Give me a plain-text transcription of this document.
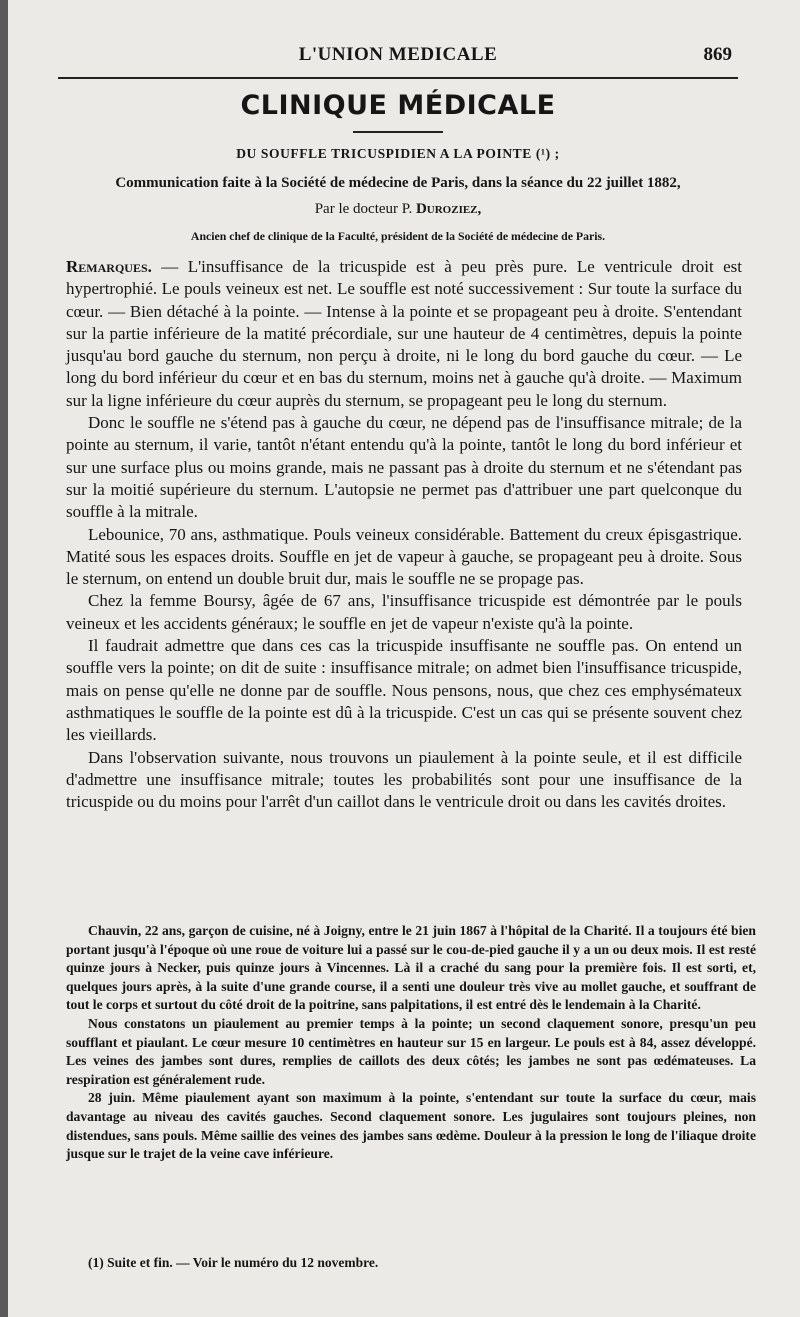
L'UNION MEDICALE	869
CLINIQUE MÉDICALE
DU SOUFFLE TRICUSPIDIEN A LA POINTE (¹) ;
Communication faite à la Société de médecine de Paris, dans la séance du 22 juillet 1882,
Par le docteur P. Duroziez,
Ancien chef de clinique de la Faculté, président de la Société de médecine de Paris.

Remarques. — L'insuffisance de la tricuspide est à peu près pure. Le ventricule droit est hypertrophié. Le pouls veineux est net. Le souffle est noté successivement : Sur toute la surface du cœur. — Bien détaché à la pointe. — Intense à la pointe et se propageant peu à droite. S'entendant sur la partie inférieure de la matité précordiale, sur une hauteur de 4 centimètres, depuis la pointe jusqu'au bord gauche du sternum, non perçu à droite, ni le long du bord gauche du cœur. — Le long du bord inférieur du cœur et en bas du sternum, moins net à gauche qu'à droite. — Maximum sur la ligne inférieure du cœur auprès du sternum, se propageant peu le long du sternum.

Donc le souffle ne s'étend pas à gauche du cœur, ne dépend pas de l'insuffisance mitrale; de la pointe au sternum, il varie, tantôt n'étant entendu qu'à la pointe, tantôt le long du bord inférieur et sur une surface plus ou moins grande, mais ne passant pas à droite du sternum et ne s'étendant pas sur la moitié supérieure du sternum. L'autopsie ne permet pas d'attribuer une part quelconque du souffle à la mitrale.

Lebounice, 70 ans, asthmatique. Pouls veineux considérable. Battement du creux épisgastrique. Matité sous les espaces droits. Souffle en jet de vapeur à gauche, se propageant peu à droite. Sous le sternum, on entend un double bruit dur, mais le souffle ne se propage pas.

Chez la femme Boursy, âgée de 67 ans, l'insuffisance tricuspide est démontrée par le pouls veineux et les accidents généraux; le souffle en jet de vapeur n'existe qu'à la pointe.

Il faudrait admettre que dans ces cas la tricuspide insuffisante ne souffle pas. On entend un souffle vers la pointe; on dit de suite : insuffisance mitrale; on admet bien l'insuffisance tricuspide, mais on pense qu'elle ne donne par de souffle. Nous pensons, nous, que chez ces emphysémateux asthmatiques le souffle de la pointe est dû à la tricuspide. C'est un cas qui se présente souvent chez les vieillards.

Dans l'observation suivante, nous trouvons un piaulement à la pointe seule, et il est difficile d'admettre une insuffisance mitrale; toutes les probabilités sont pour une insuffisance de la tricuspide ou du moins pour l'arrêt d'un caillot dans le ventricule droit ou dans les cavités droites.

Chauvin, 22 ans, garçon de cuisine, né à Joigny, entre le 21 juin 1867 à l'hôpital de la Charité. Il a toujours été bien portant jusqu'à l'époque où une roue de voiture lui a passé sur le cou-de-pied gauche il y a un ou deux mois. Il est resté quinze jours à Necker, puis quinze jours à Vincennes. Là il a craché du sang pour la première fois. Il est sorti, et, quelques jours après, à la suite d'une grande course, il a senti une douleur très vive au mollet gauche, et souffrant de tout le corps et surtout du côté droit de la poitrine, sans palpitations, il est entré dès le lendemain à la Charité.

Nous constatons un piaulement au premier temps à la pointe; un second claquement sonore, presqu'un peu soufflant et piaulant. Le cœur mesure 10 centimètres en hauteur sur 15 en largeur. Le pouls est à 84, assez développé. Les veines des jambes sont dures, remplies de caillots des deux côtés; les jambes ne sont pas œdémateuses. La respiration est généralement rude.

28 juin. Même piaulement ayant son maximum à la pointe, s'entendant sur toute la surface du cœur, mais davantage au niveau des cavités gauches. Second claquement sonore. Les jugulaires sont toujours pleines, non distendues, sans pouls. Même saillie des veines des jambes sans œdème. Douleur à la pression le long de l'iliaque droite jusque sur le trajet de la veine cave inférieure.

(1) Suite et fin. — Voir le numéro du 12 novembre.
